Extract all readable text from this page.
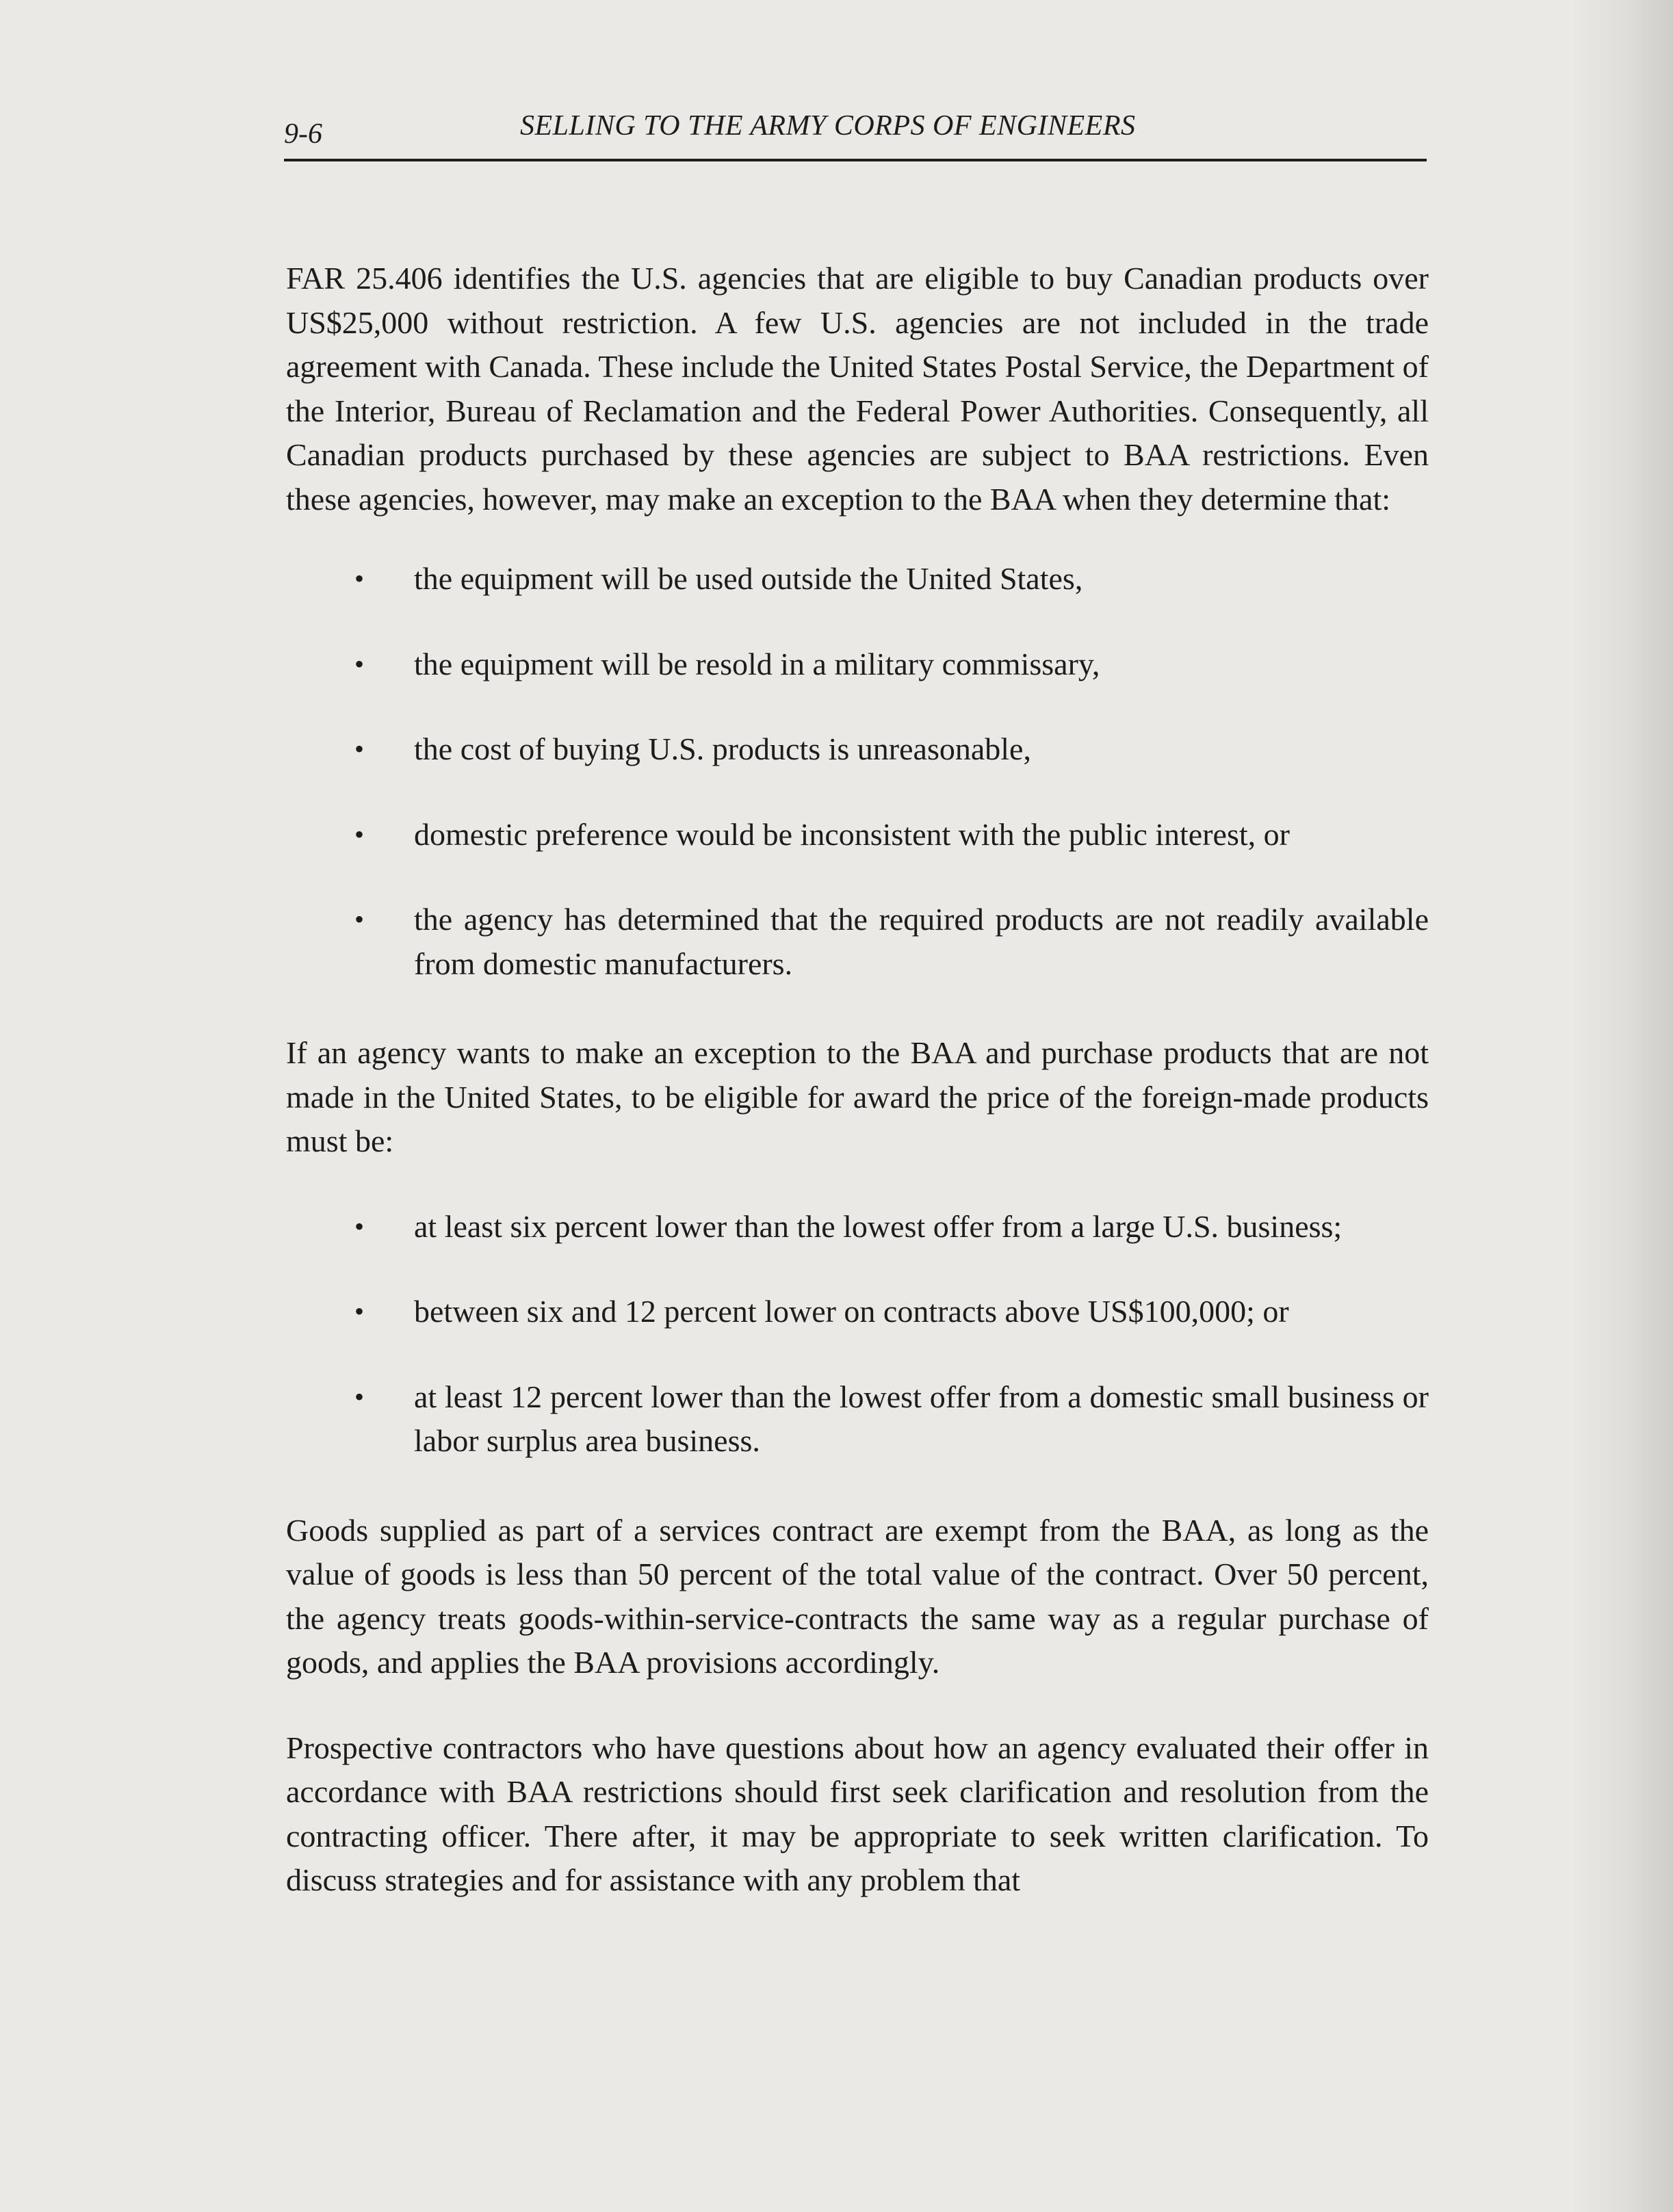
9-6	SELLING TO THE ARMY CORPS OF ENGINEERS

FAR 25.406 identifies the U.S. agencies that are eligible to buy Canadian products over US$25,000 without restriction. A few U.S. agencies are not included in the trade agreement with Canada. These include the United States Postal Service, the Department of the Interior, Bureau of Reclamation and the Federal Power Authorities. Consequently, all Canadian products purchased by these agencies are subject to BAA restrictions. Even these agencies, however, may make an exception to the BAA when they determine that:

• the equipment will be used outside the United States,
• the equipment will be resold in a military commissary,
• the cost of buying U.S. products is unreasonable,
• domestic preference would be inconsistent with the public interest, or
• the agency has determined that the required products are not readily available from domestic manufacturers.

If an agency wants to make an exception to the BAA and purchase products that are not made in the United States, to be eligible for award the price of the foreign-made products must be:

• at least six percent lower than the lowest offer from a large U.S. business;
• between six and 12 percent lower on contracts above US$100,000; or
• at least 12 percent lower than the lowest offer from a domestic small business or labor surplus area business.

Goods supplied as part of a services contract are exempt from the BAA, as long as the value of goods is less than 50 percent of the total value of the contract. Over 50 percent, the agency treats goods-within-service-contracts the same way as a regular purchase of goods, and applies the BAA provisions accordingly.

Prospective contractors who have questions about how an agency evaluated their offer in accordance with BAA restrictions should first seek clarification and resolution from the contracting officer. There after, it may be appropriate to seek written clarification. To discuss strategies and for assistance with any problem that
